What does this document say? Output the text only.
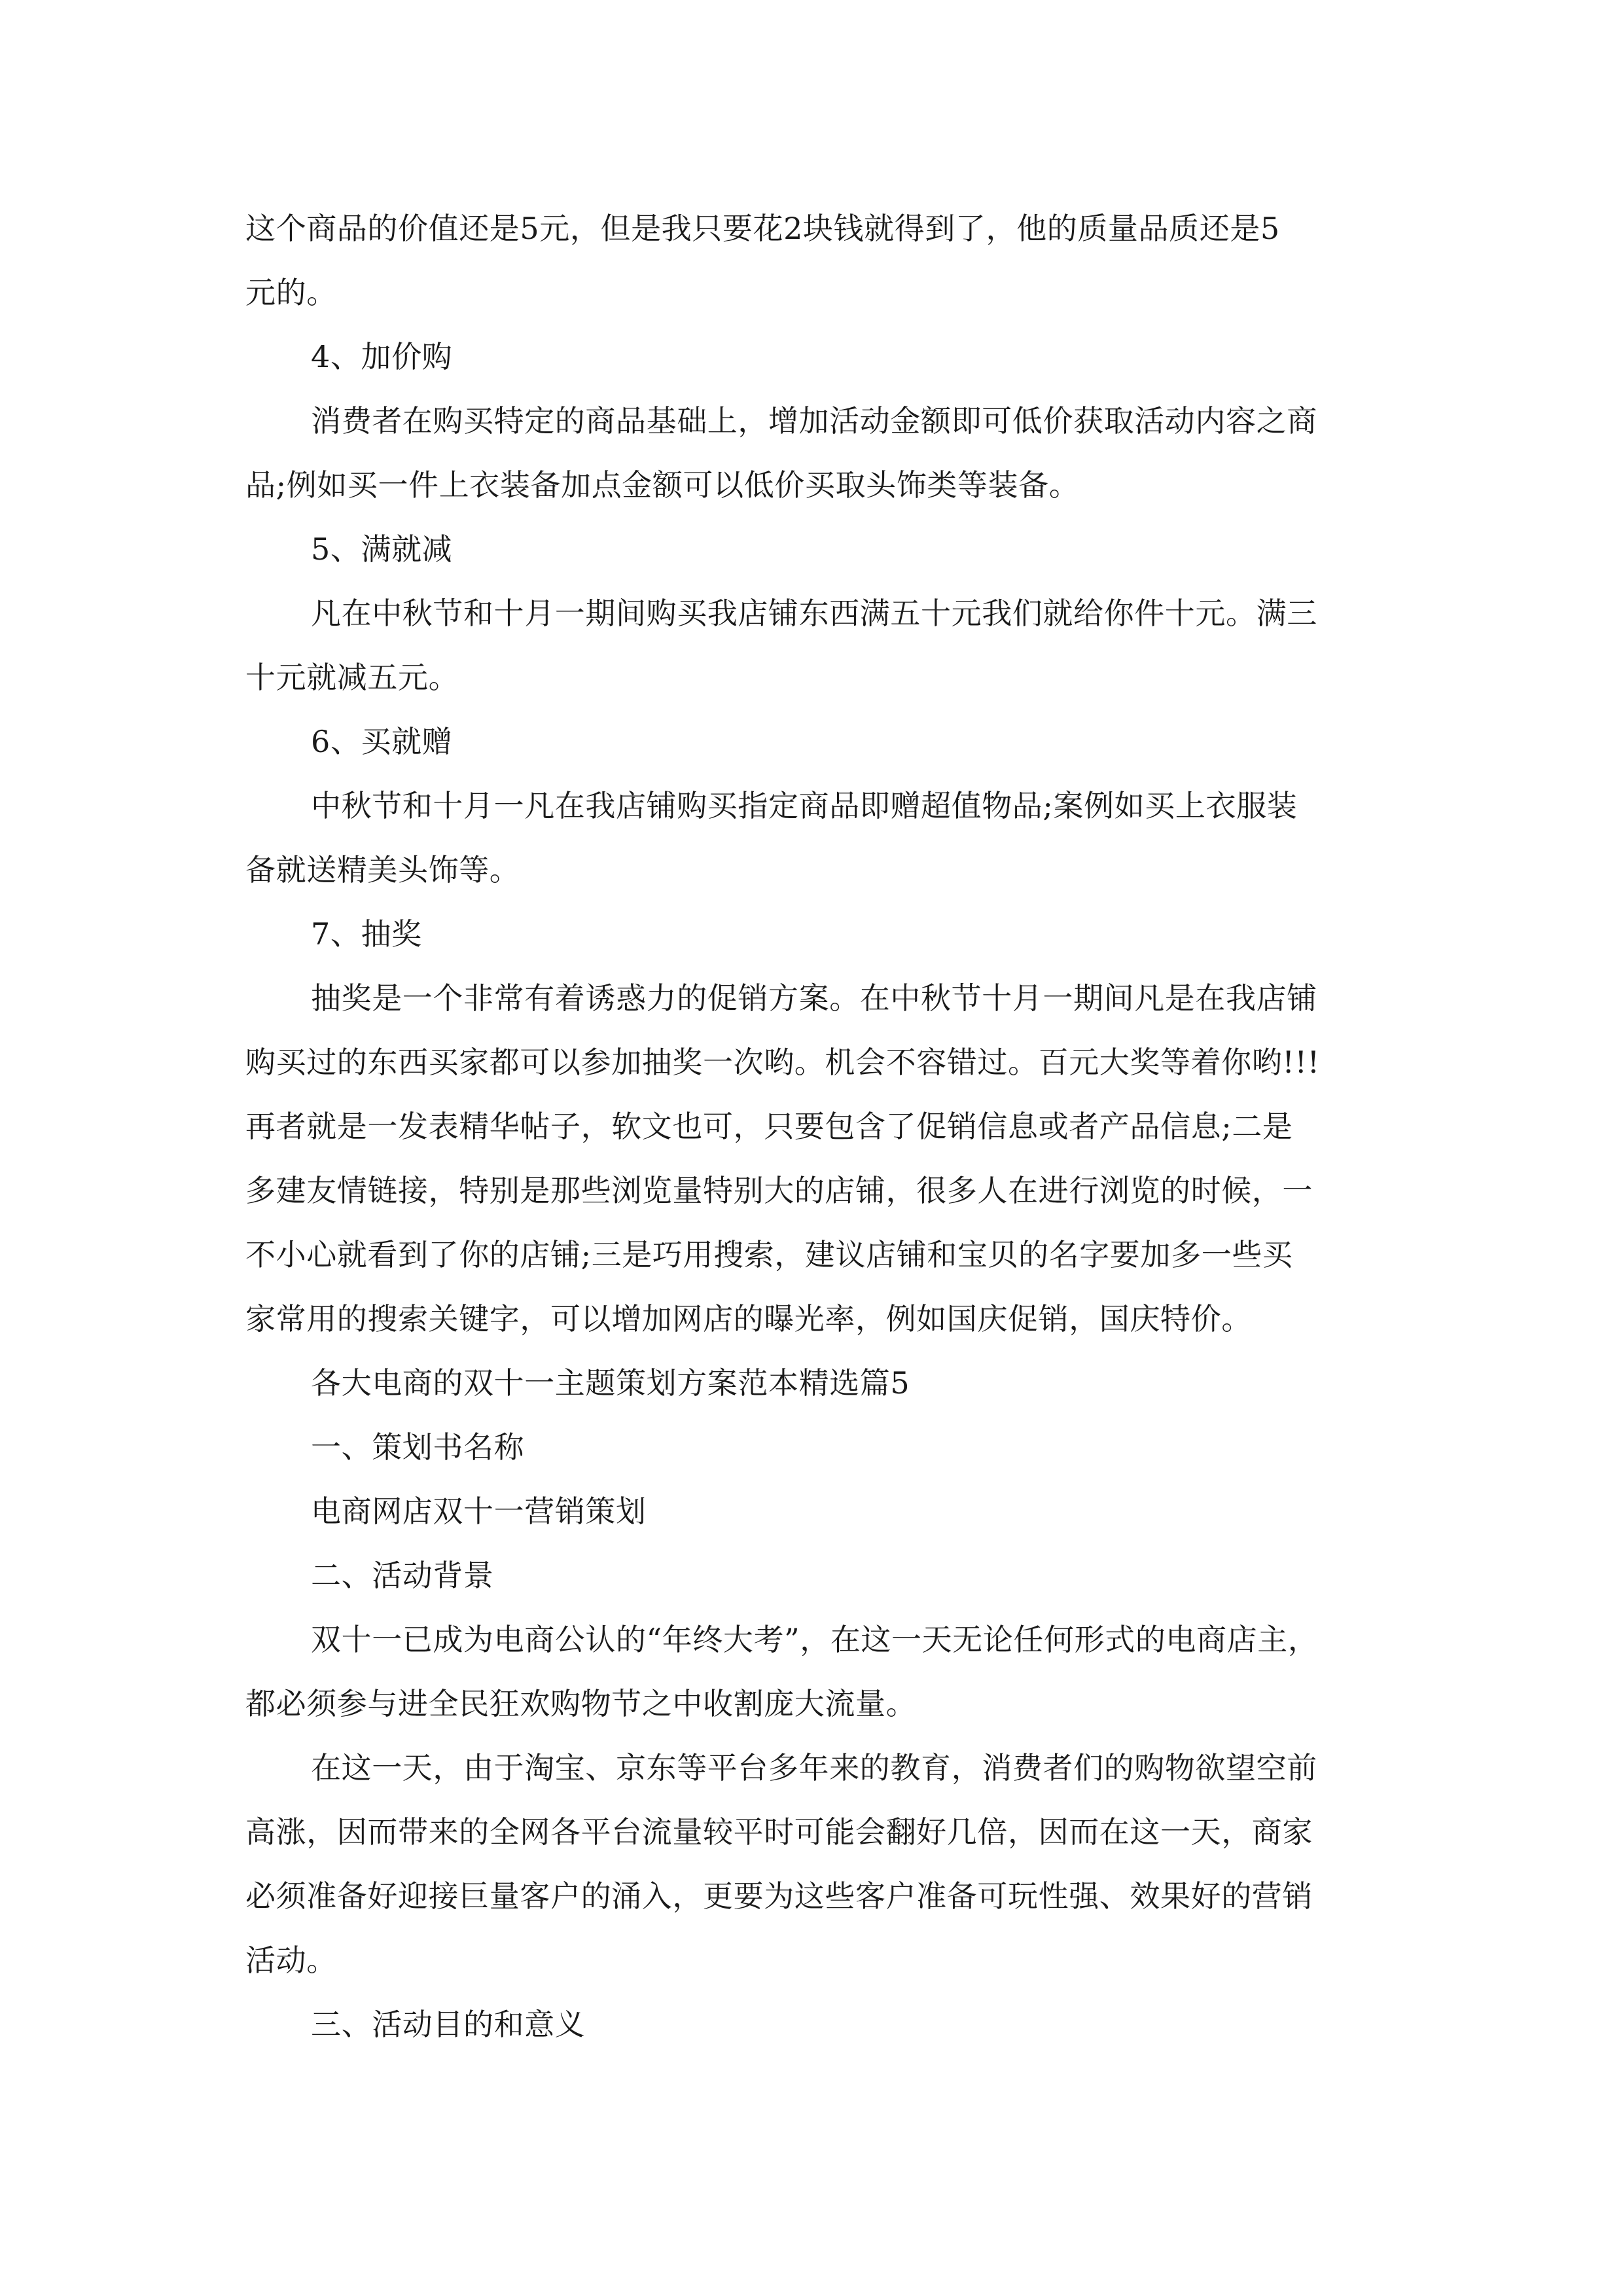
这个商品的价值还是5元，但是我只要花2块钱就得到了，他的质量品质还是5
元的。
4、加价购
消费者在购买特定的商品基础上，增加活动金额即可低价获取活动内容之商
品;例如买一件上衣装备加点金额可以低价买取头饰类等装备。
5、满就减
凡在中秋节和十月一期间购买我店铺东西满五十元我们就给你件十元。满三
十元就减五元。
6、买就赠
中秋节和十月一凡在我店铺购买指定商品即赠超值物品;案例如买上衣服装
备就送精美头饰等。
7、抽奖
抽奖是一个非常有着诱惑力的促销方案。在中秋节十月一期间凡是在我店铺
购买过的东西买家都可以参加抽奖一次哟。机会不容错过。百元大奖等着你哟!!!
再者就是一发表精华帖子，软文也可，只要包含了促销信息或者产品信息;二是
多建友情链接，特别是那些浏览量特别大的店铺，很多人在进行浏览的时候，一
不小心就看到了你的店铺;三是巧用搜索，建议店铺和宝贝的名字要加多一些买
家常用的搜索关键字，可以增加网店的曝光率，例如国庆促销，国庆特价。
各大电商的双十一主题策划方案范本精选篇5
一、策划书名称
电商网店双十一营销策划
二、活动背景
双十一已成为电商公认的“年终大考”，在这一天无论任何形式的电商店主，
都必须参与进全民狂欢购物节之中收割庞大流量。
在这一天，由于淘宝、京东等平台多年来的教育，消费者们的购物欲望空前
高涨，因而带来的全网各平台流量较平时可能会翻好几倍，因而在这一天，商家
必须准备好迎接巨量客户的涌入，更要为这些客户准备可玩性强、效果好的营销
活动。
三、活动目的和意义
